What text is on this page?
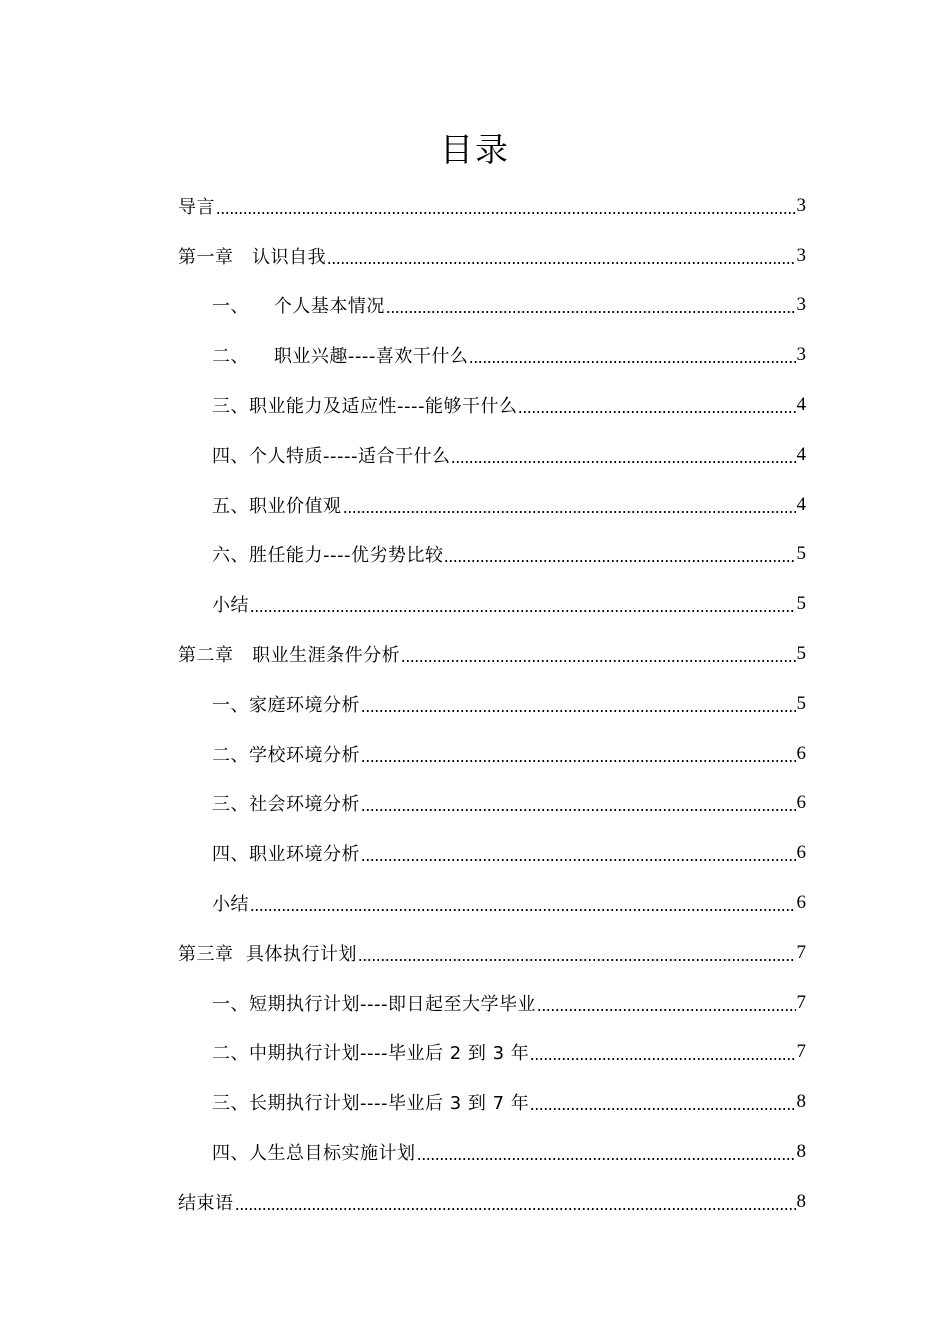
目录
导言	3
第一章   认识自我	3
一、    个人基本情况	3
二、    职业兴趣----喜欢干什么	3
三、职业能力及适应性----能够干什么	4
四、个人特质-----适合干什么	4
五、职业价值观	4
六、胜任能力----优劣势比较	5
小结	5
第二章   职业生涯条件分析	5
一、家庭环境分析	5
二、学校环境分析	6
三、社会环境分析	6
四、职业环境分析	6
小结	6
第三章  具体执行计划	7
一、短期执行计划----即日起至大学毕业	7
二、中期执行计划----毕业后 2 到 3 年	7
三、长期执行计划----毕业后 3 到 7 年	8
四、人生总目标实施计划	8
结束语	8
